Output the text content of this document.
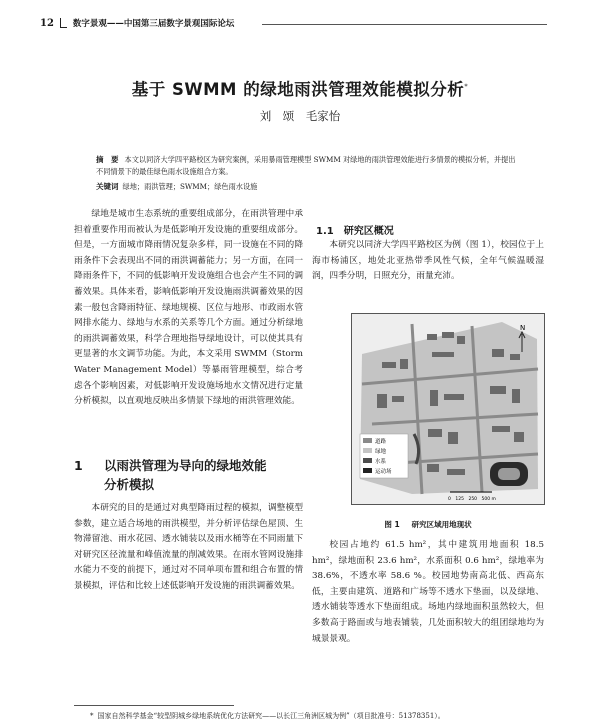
12 数字景观——中国第三届数字景观国际论坛
基于 SWMM 的绿地雨洪管理效能模拟分析*
刘　颂　毛家怡
摘　要 本文以同济大学四平路校区为研究案例，采用暴雨管理模型 SWMM 对绿地的雨洪管理效能进行多情景的模拟分析，并提出不同情景下的最佳绿色雨水设施组合方案。
关键词 绿地；雨洪管理；SWMM；绿色雨水设施

绿地是城市生态系统的重要组成部分，在雨洪管理中承担着重要作用而被认为是低影响开发设施的重要组成部分。但是，一方面城市降雨情况复杂多样，同一设施在不同的降雨条件下会表现出不同的雨洪调蓄能力；另一方面，在同一降雨条件下，不同的低影响开发设施组合也会产生不同的调蓄效果。具体来看，影响低影响开发设施雨洪调蓄效果的因素一般包含降雨特征、绿地规模、区位与地形、市政雨水管网排水能力、绿地与水系的关系等几个方面。通过分析绿地的雨洪调蓄效果，科学合理地指导绿地设计，可以使其具有更显著的水文调节功能。为此，本文采用 SWMM（Storm Water Management Model）等暴雨管理模型，综合考虑各个影响因素，对低影响开发设施场地水文情况进行定量分析模拟，以直观地反映出多情景下绿地的雨洪管理效能。

1 以雨洪管理为导向的绿地效能
分析模拟

本研究的目的是通过对典型降雨过程的模拟，调整模型参数，建立适合场地的雨洪模型，并分析评估绿色屋顶、生物滞留池、雨水花园、透水铺装以及雨水桶等在不同雨量下对研究区径流量和峰值流量的削减效果。在雨水管网设施排水能力不变的前提下，通过对不同单项布置和组合布置的情景模拟，评估和比较上述低影响开发设施的雨洪调蓄效果。

1.1 研究区概况

本研究以同济大学四平路校区为例（图 1），校园位于上海市杨浦区，地处北亚热带季风性气候，全年气候温暖湿润，四季分明，日照充分，雨量充沛。

道路
绿地
水系
运动场
N
0　125　250　500 m
图 1 研究区域用地现状

校园占地约 61.5 hm²，其中建筑用地面积 18.5 hm²，绿地面积 23.6 hm²，水系面积 0.6 hm²，绿地率为 38.6%，不透水率 58.6 %。校园地势南高北低、西高东低，主要由建筑、道路和广场等不透水下垫面，以及绿地、透水铺装等透水下垫面组成。场地内绿地面积虽然较大，但多数高于路面或与地表铺装，几处面积较大的组团绿地均为城景景观。

* 国家自然科学基金“较型阴城乡绿地系统优化方法研究——以长江三角洲区城为例”（项目批准号：51378351）。
